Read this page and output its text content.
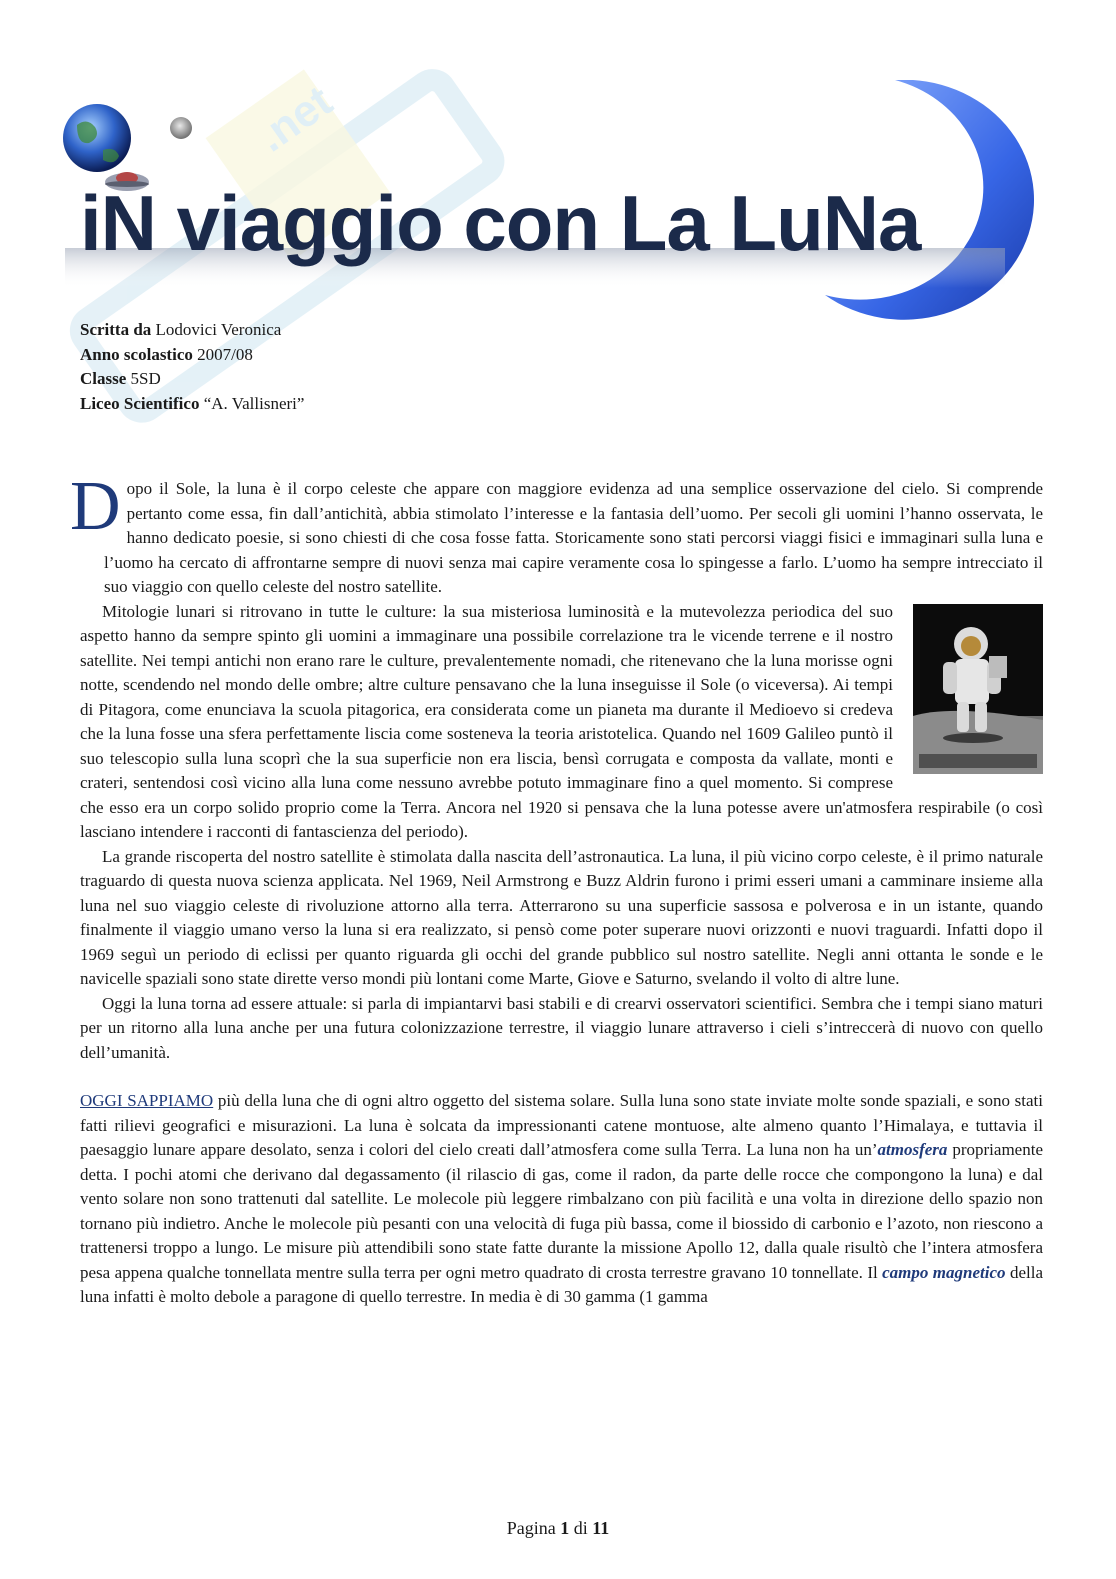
.net
iN viaggio con La LuNa
Scritta da Lodovici Veronica
Anno scolastico 2007/08
Classe 5SD
Liceo Scientifico “A. Vallisneri”

Dopo il Sole, la luna è il corpo celeste che appare con maggiore evidenza ad una semplice osservazione del cielo. Si comprende pertanto come essa, fin dall’antichità, abbia stimolato l’interesse e la fantasia dell’uomo. Per secoli gli uomini l’hanno osservata, le hanno dedicato poesie, si sono chiesti di che cosa fosse fatta. Storicamente sono stati percorsi viaggi fisici e immaginari sulla luna e l’uomo ha cercato di affrontarne sempre di nuovi senza mai capire veramente cosa lo spingesse a farlo. L’uomo ha sempre intrecciato il suo viaggio con quello celeste del nostro satellite.

Mitologie lunari si ritrovano in tutte le culture: la sua misteriosa luminosità e la mutevolezza periodica del suo aspetto hanno da sempre spinto gli uomini a immaginare una possibile correlazione tra le vicende terrene e il nostro satellite. Nei tempi antichi non erano rare le culture, prevalentemente nomadi, che ritenevano che la luna morisse ogni notte, scendendo nel mondo delle ombre; altre culture pensavano che la luna inseguisse il Sole (o viceversa). Ai tempi di Pitagora, come enunciava la scuola pitagorica, era considerata come un pianeta ma durante il Medioevo si credeva che la luna fosse una sfera perfettamente liscia come sosteneva la teoria aristotelica. Quando nel 1609 Galileo puntò il suo telescopio sulla luna scoprì che la sua superficie non era liscia, bensì corrugata e composta da vallate, monti e crateri, sentendosi così vicino alla luna come nessuno avrebbe potuto immaginare fino a quel momento. Si comprese che esso era un corpo solido proprio come la Terra. Ancora nel 1920 si pensava che la luna potesse avere un'atmosfera respirabile (o così lasciano intendere i racconti di fantascienza del periodo).

La grande riscoperta del nostro satellite è stimolata dalla nascita dell’astronautica. La luna, il più vicino corpo celeste, è il primo naturale traguardo di questa nuova scienza applicata. Nel 1969, Neil Armstrong e Buzz Aldrin furono i primi esseri umani a camminare insieme alla luna nel suo viaggio celeste di rivoluzione attorno alla terra. Atterrarono su una superficie sassosa e polverosa e in un istante, quando finalmente il viaggio umano verso la luna si era realizzato, si pensò come poter superare nuovi orizzonti e nuovi traguardi. Infatti dopo il 1969 seguì un periodo di eclissi per quanto riguarda gli occhi del grande pubblico sul nostro satellite. Negli anni ottanta le sonde e le navicelle spaziali sono state dirette verso mondi più lontani come Marte, Giove e Saturno, svelando il volto di altre lune.

Oggi la luna torna ad essere attuale: si parla di impiantarvi basi stabili e di crearvi osservatori scientifici. Sembra che i tempi siano maturi per un ritorno alla luna anche per una futura colonizzazione terrestre, il viaggio lunare attraverso i cieli s’intreccerà di nuovo con quello dell’umanità.

OGGI SAPPIAMO più della luna che di ogni altro oggetto del sistema solare. Sulla luna sono state inviate molte sonde spaziali, e sono stati fatti rilievi geografici e misurazioni. La luna è solcata da impressionanti catene montuose, alte almeno quanto l’Himalaya, e tuttavia il paesaggio lunare appare desolato, senza i colori del cielo creati dall’atmosfera come sulla Terra. La luna non ha un’atmosfera propriamente detta. I pochi atomi che derivano dal degassamento (il rilascio di gas, come il radon, da parte delle rocce che compongono la luna) e dal vento solare non sono trattenuti dal satellite. Le molecole più leggere rimbalzano con più facilità e una volta in direzione dello spazio non tornano più indietro. Anche le molecole più pesanti con una velocità di fuga più bassa, come il biossido di carbonio e l’azoto, non riescono a trattenersi troppo a lungo. Le misure più attendibili sono state fatte durante la missione Apollo 12, dalla quale risultò che l’intera atmosfera pesa appena qualche tonnellata mentre sulla terra per ogni metro quadrato di crosta terrestre gravano 10 tonnellate. Il campo magnetico della luna infatti è molto debole a paragone di quello terrestre. In media è di 30 gamma (1 gamma

Pagina 1 di 11
